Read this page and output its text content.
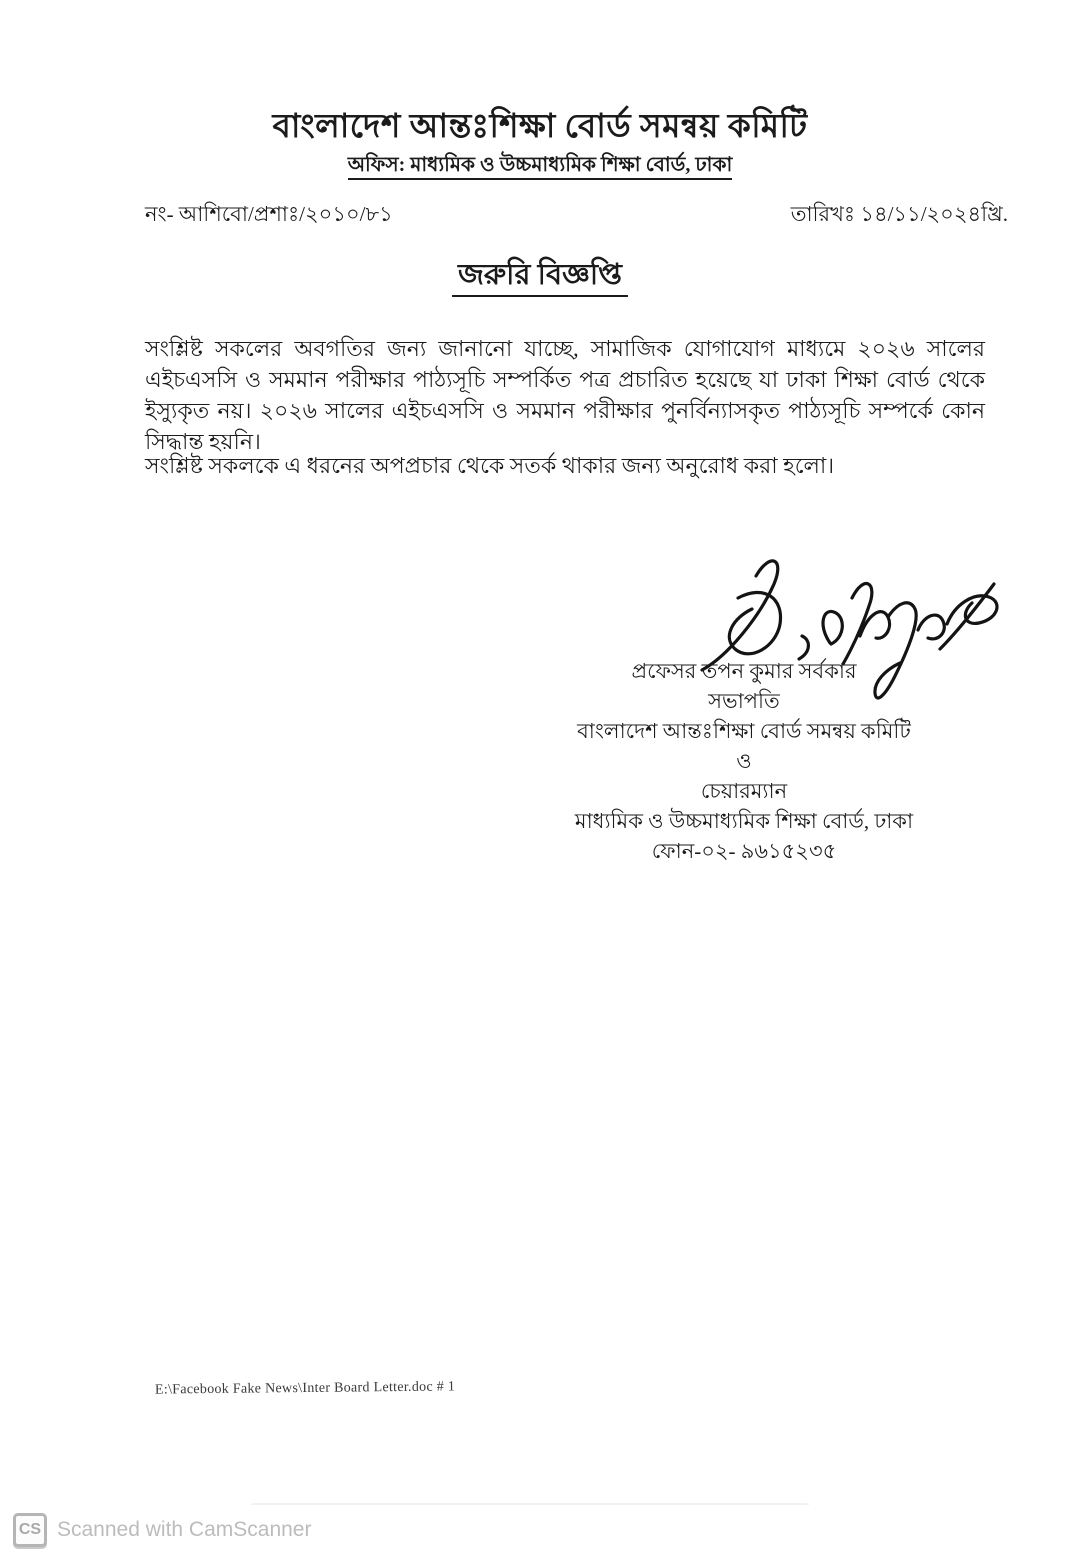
বাংলাদেশ আন্তঃশিক্ষা বোর্ড সমন্বয় কমিটি
অফিস: মাধ্যমিক ও উচ্চমাধ্যমিক শিক্ষা বোর্ড, ঢাকা
নং- আশিবো/প্রশাঃ/২০১০/৮১	তারিখঃ ১৪/১১/২০২৪খ্রি.
জরুরি বিজ্ঞপ্তি

সংশ্লিষ্ট সকলের অবগতির জন্য জানানো যাচ্ছে, সামাজিক যোগাযোগ মাধ্যমে ২০২৬ সালের এইচএসসি ও সমমান পরীক্ষার পাঠ্যসূচি সম্পর্কিত পত্র প্রচারিত হয়েছে যা ঢাকা শিক্ষা বোর্ড থেকে ইস্যুকৃত নয়। ২০২৬ সালের এইচএসসি ও সমমান পরীক্ষার পুনর্বিন্যাসকৃত পাঠ্যসূচি সম্পর্কে কোন সিদ্ধান্ত হয়নি।

সংশ্লিষ্ট সকলকে এ ধরনের অপপ্রচার থেকে সতর্ক থাকার জন্য অনুরোধ করা হলো।

প্রফেসর তপন কুমার সর্বকার
সভাপতি
বাংলাদেশ আন্তঃশিক্ষা বোর্ড সমন্বয় কমিটি
ও
চেয়ারম্যান
মাধ্যমিক ও উচ্চমাধ্যমিক শিক্ষা বোর্ড, ঢাকা
ফোন-০২- ৯৬১৫২৩৫
E:\Facebook Fake News\Inter Board Letter.doc # 1
CS Scanned with CamScanner
